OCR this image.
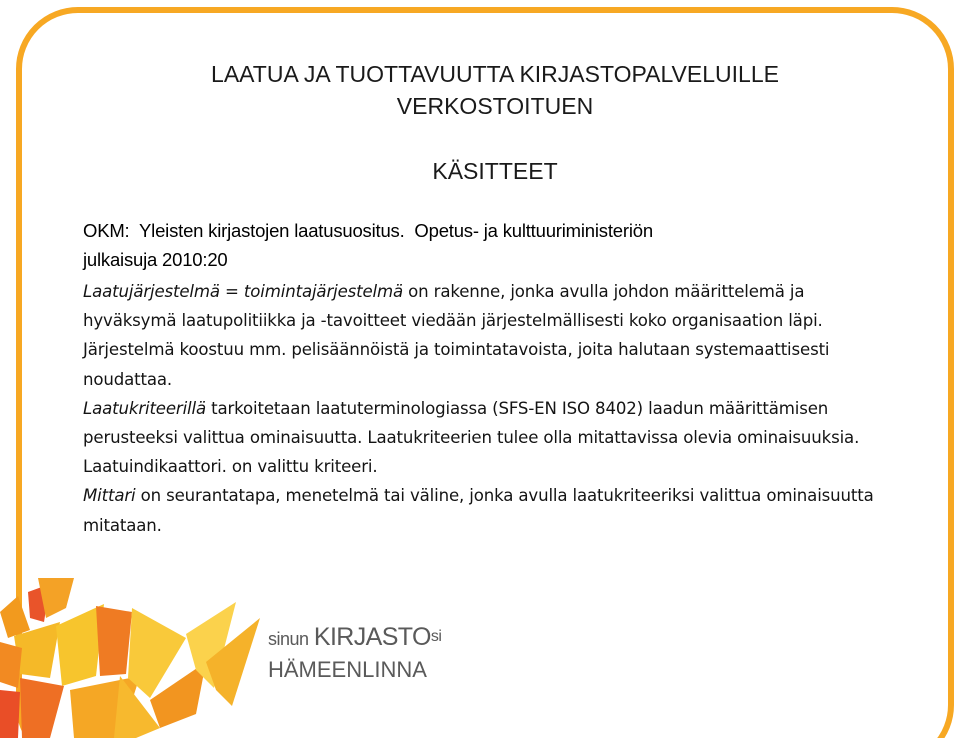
LAATUA JA TUOTTAVUUTTA KIRJASTOPALVELUILLE
VERKOSTOITUEN
KÄSITTEET
OKM:  Yleisten kirjastojen laatusuositus.  Opetus- ja kulttuuriministeriön
julkaisuja 2010:20
Laatujärjestelmä = toimintajärjestelmä on rakenne, jonka avulla johdon määrittelemä ja hyväksymä laatupolitiikka ja -tavoitteet viedään järjestelmällisesti koko organisaation läpi. Järjestelmä koostuu mm. pelisäännöistä ja toimintatavoista, joita halutaan systemaattisesti noudattaa.
Laatukriteerillä tarkoitetaan laatuterminologiassa (SFS-EN ISO 8402) laadun määrittämisen perusteeksi valittua ominaisuutta. Laatukriteerien tulee olla mitattavissa olevia ominaisuuksia. Laatuindikaattori. on valittu kriteeri.
Mittari on seurantatapa, menetelmä tai väline, jonka avulla laatukriteeriksi valittua ominaisuutta mitataan.
sinun KIRJASTOsi
HÄMEENLINNA
